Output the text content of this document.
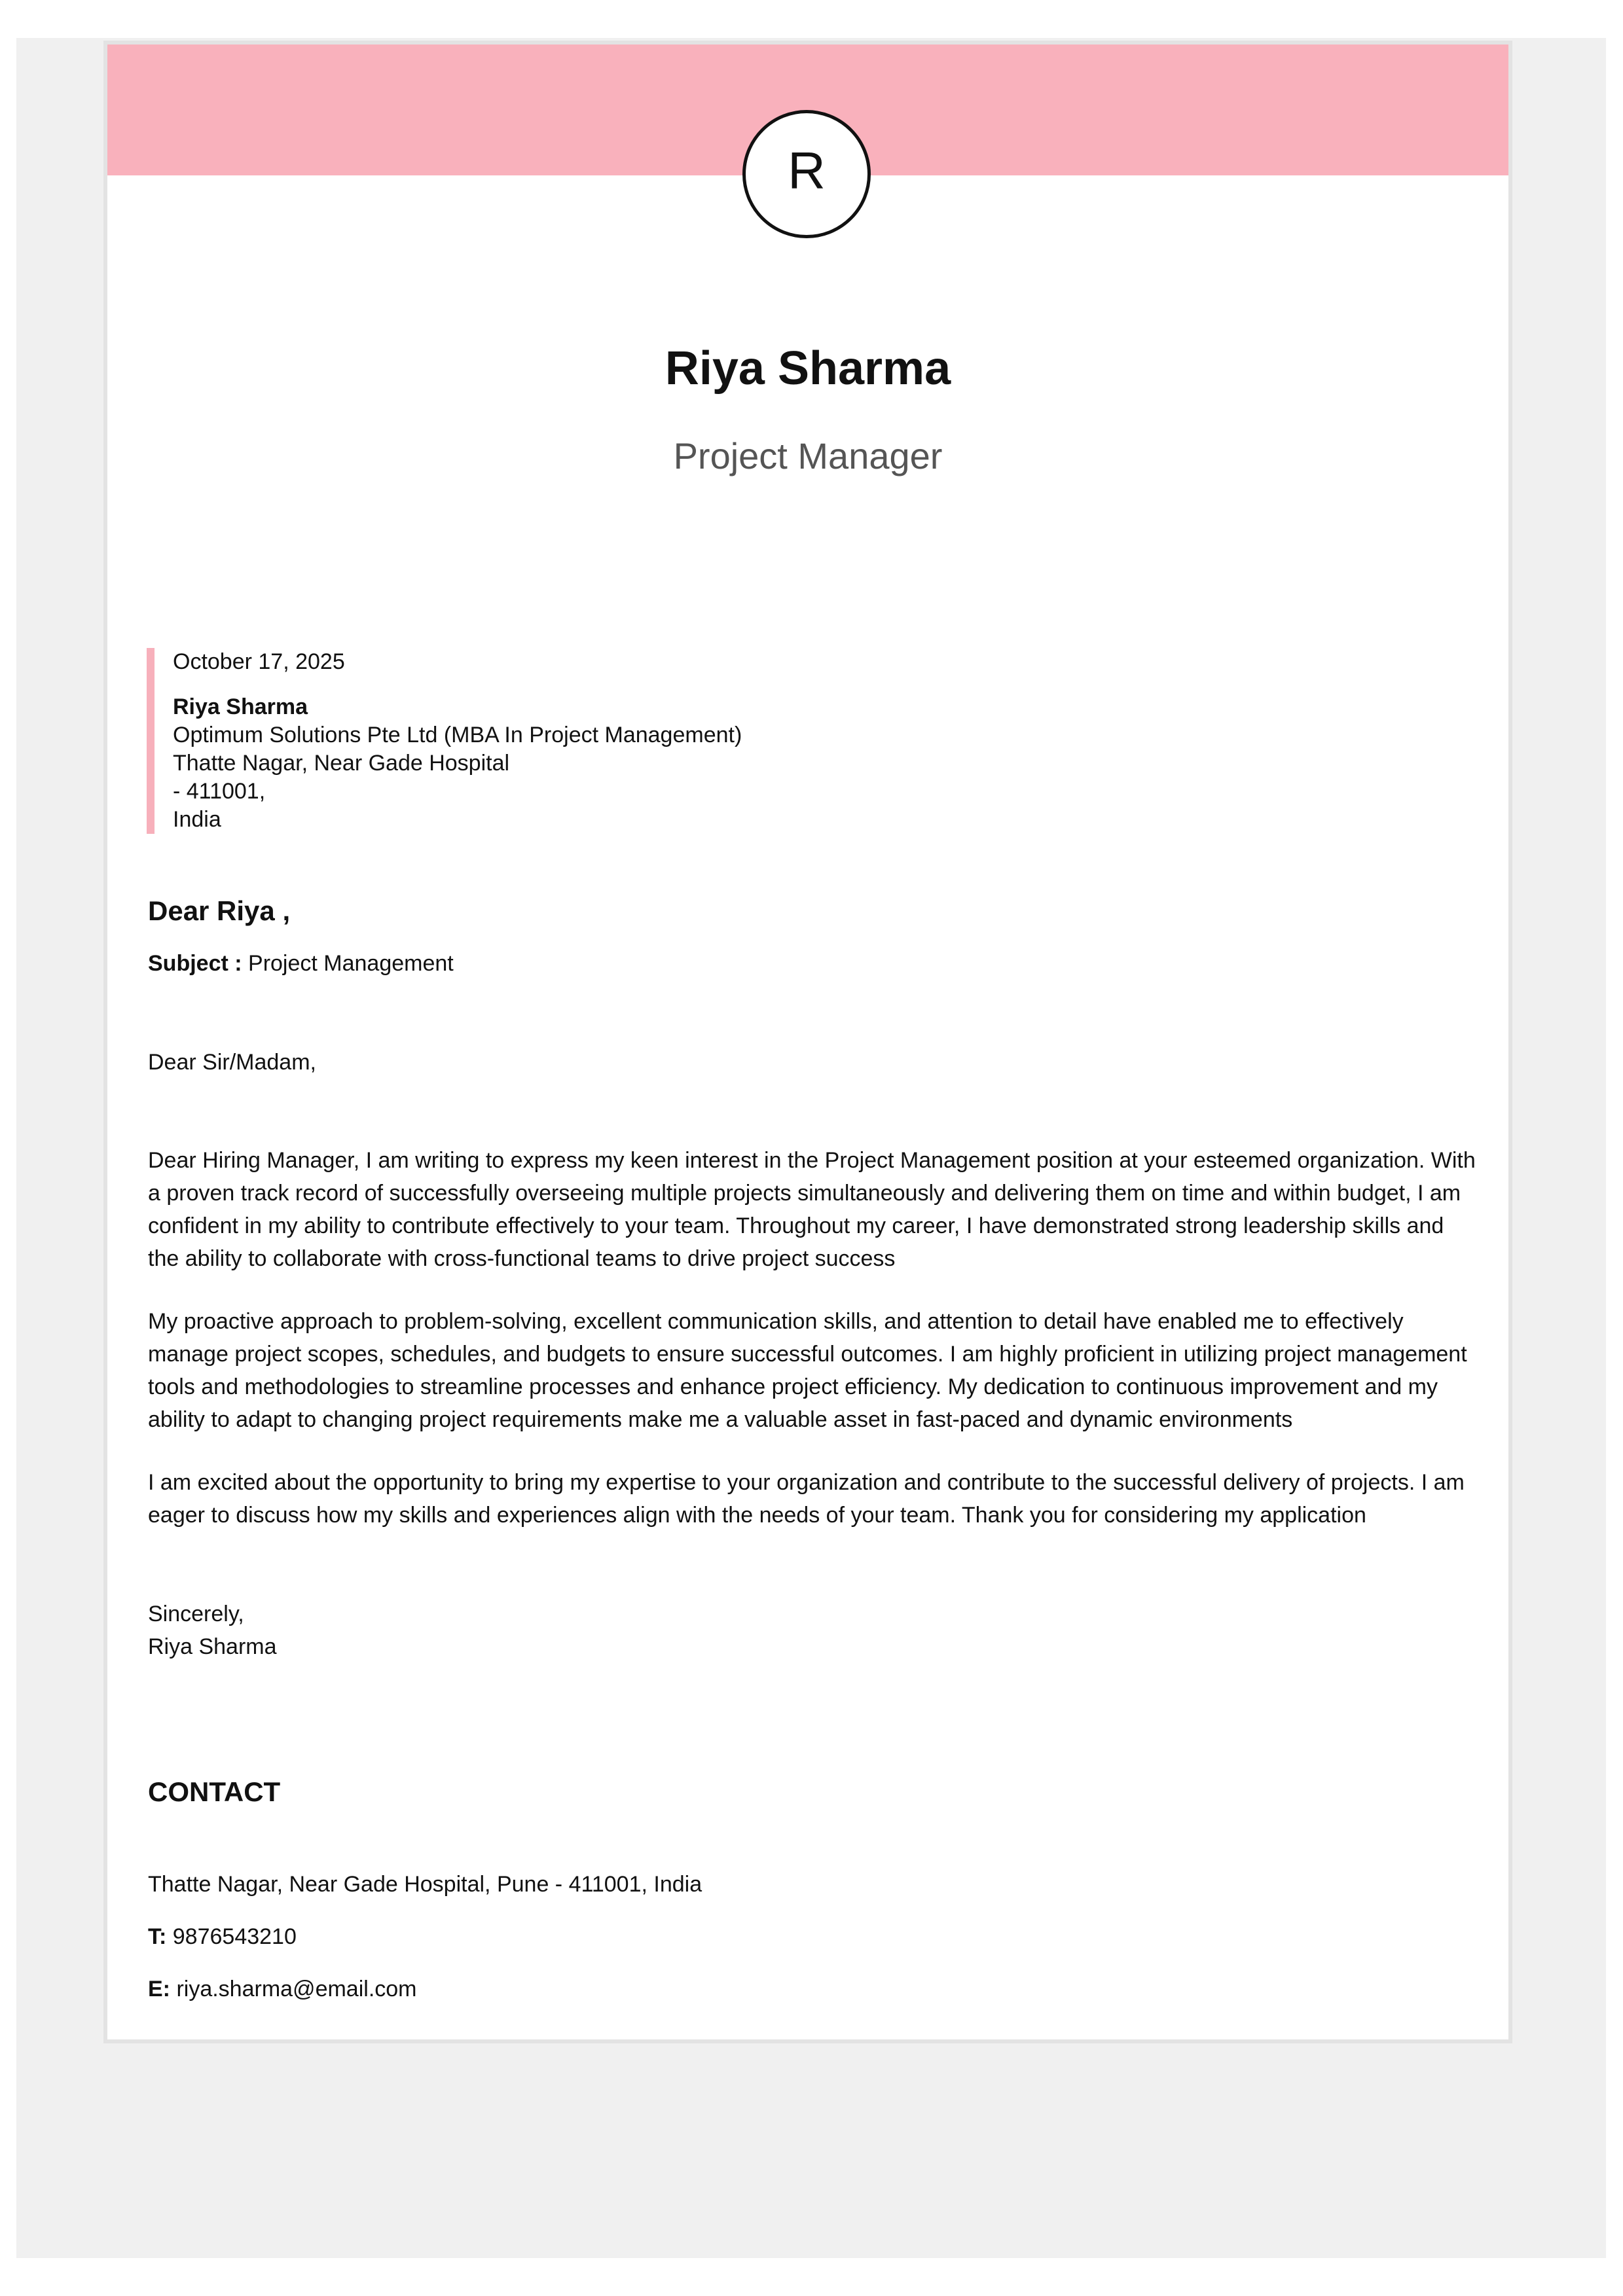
R
Riya Sharma
Project Manager
October 17, 2025
Riya Sharma
Optimum Solutions Pte Ltd (MBA In Project Management)
Thatte Nagar, Near Gade Hospital
- 411001,
India
Dear Riya ,
Subject : Project Management
Dear Sir/Madam,

Dear Hiring Manager, I am writing to express my keen interest in the Project Management position at your esteemed organization. With a proven track record of successfully overseeing multiple projects simultaneously and delivering them on time and within budget, I am confident in my ability to contribute effectively to your team. Throughout my career, I have demonstrated strong leadership skills and the ability to collaborate with cross-functional teams to drive project success

My proactive approach to problem-solving, excellent communication skills, and attention to detail have enabled me to effectively manage project scopes, schedules, and budgets to ensure successful outcomes. I am highly proficient in utilizing project management tools and methodologies to streamline processes and enhance project efficiency. My dedication to continuous improvement and my ability to adapt to changing project requirements make me a valuable asset in fast-paced and dynamic environments

I am excited about the opportunity to bring my expertise to your organization and contribute to the successful delivery of projects. I am eager to discuss how my skills and experiences align with the needs of your team. Thank you for considering my application

Sincerely,
Riya Sharma
CONTACT
Thatte Nagar, Near Gade Hospital, Pune - 411001, India
T: 9876543210
E: riya.sharma@email.com
